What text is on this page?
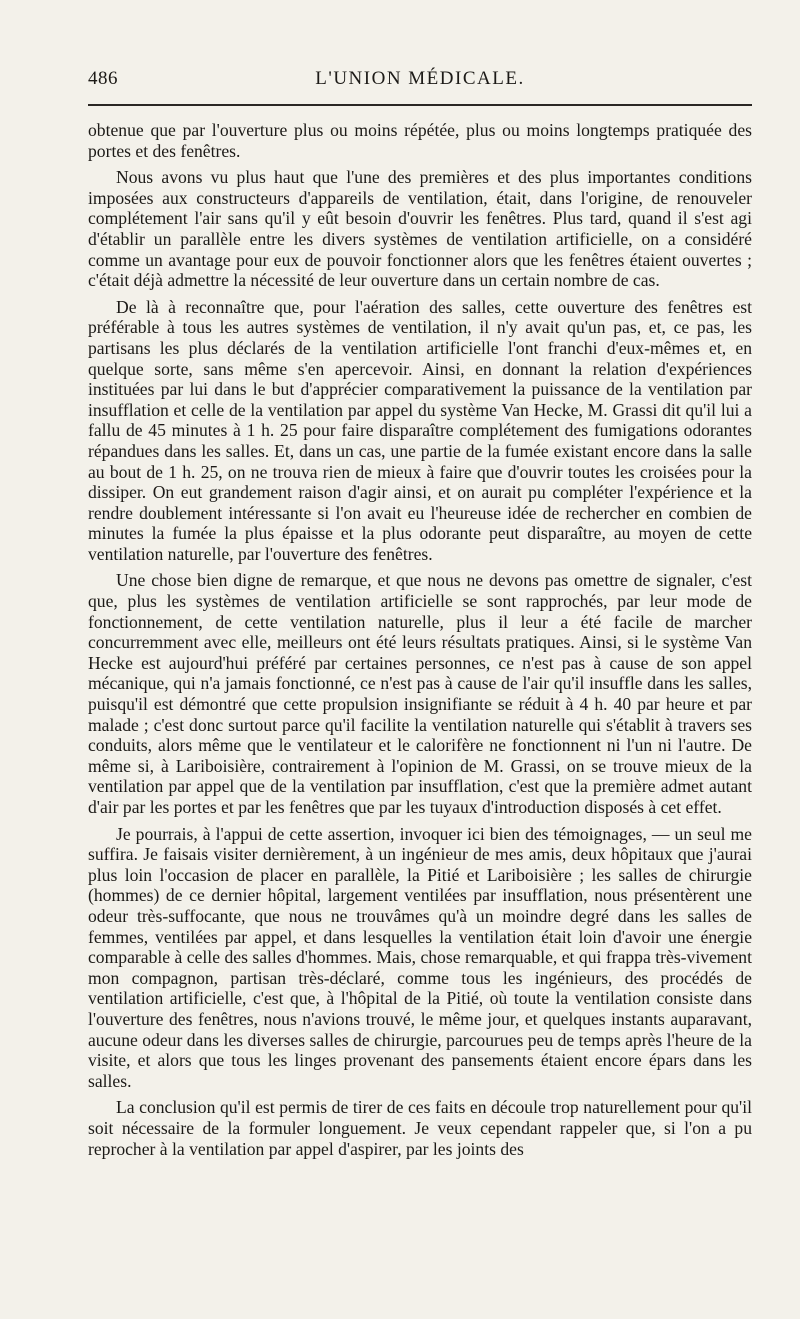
486	L'UNION MÉDICALE.

obtenue que par l'ouverture plus ou moins répétée, plus ou moins longtemps pratiquée des portes et des fenêtres.

Nous avons vu plus haut que l'une des premières et des plus importantes conditions imposées aux constructeurs d'appareils de ventilation, était, dans l'origine, de renouveler complétement l'air sans qu'il y eût besoin d'ouvrir les fenêtres. Plus tard, quand il s'est agi d'établir un parallèle entre les divers systèmes de ventilation artificielle, on a considéré comme un avantage pour eux de pouvoir fonctionner alors que les fenêtres étaient ouvertes ; c'était déjà admettre la nécessité de leur ouverture dans un certain nombre de cas.

De là à reconnaître que, pour l'aération des salles, cette ouverture des fenêtres est préférable à tous les autres systèmes de ventilation, il n'y avait qu'un pas, et, ce pas, les partisans les plus déclarés de la ventilation artificielle l'ont franchi d'eux-mêmes et, en quelque sorte, sans même s'en apercevoir. Ainsi, en donnant la relation d'expériences instituées par lui dans le but d'apprécier comparativement la puissance de la ventilation par insufflation et celle de la ventilation par appel du système Van Hecke, M. Grassi dit qu'il lui a fallu de 45 minutes à 1 h. 25 pour faire disparaître complétement des fumigations odorantes répandues dans les salles. Et, dans un cas, une partie de la fumée existant encore dans la salle au bout de 1 h. 25, on ne trouva rien de mieux à faire que d'ouvrir toutes les croisées pour la dissiper. On eut grandement raison d'agir ainsi, et on aurait pu compléter l'expérience et la rendre doublement intéressante si l'on avait eu l'heureuse idée de rechercher en combien de minutes la fumée la plus épaisse et la plus odorante peut disparaître, au moyen de cette ventilation naturelle, par l'ouverture des fenêtres.

Une chose bien digne de remarque, et que nous ne devons pas omettre de signaler, c'est que, plus les systèmes de ventilation artificielle se sont rapprochés, par leur mode de fonctionnement, de cette ventilation naturelle, plus il leur a été facile de marcher concurremment avec elle, meilleurs ont été leurs résultats pratiques. Ainsi, si le système Van Hecke est aujourd'hui préféré par certaines personnes, ce n'est pas à cause de son appel mécanique, qui n'a jamais fonctionné, ce n'est pas à cause de l'air qu'il insuffle dans les salles, puisqu'il est démontré que cette propulsion insignifiante se réduit à 4 h. 40 par heure et par malade ; c'est donc surtout parce qu'il facilite la ventilation naturelle qui s'établit à travers ses conduits, alors même que le ventilateur et le calorifère ne fonctionnent ni l'un ni l'autre. De même si, à Lariboisière, contrairement à l'opinion de M. Grassi, on se trouve mieux de la ventilation par appel que de la ventilation par insufflation, c'est que la première admet autant d'air par les portes et par les fenêtres que par les tuyaux d'introduction disposés à cet effet.

Je pourrais, à l'appui de cette assertion, invoquer ici bien des témoignages, — un seul me suffira. Je faisais visiter dernièrement, à un ingénieur de mes amis, deux hôpitaux que j'aurai plus loin l'occasion de placer en parallèle, la Pitié et Lariboisière ; les salles de chirurgie (hommes) de ce dernier hôpital, largement ventilées par insufflation, nous présentèrent une odeur très-suffocante, que nous ne trouvâmes qu'à un moindre degré dans les salles de femmes, ventilées par appel, et dans lesquelles la ventilation était loin d'avoir une énergie comparable à celle des salles d'hommes. Mais, chose remarquable, et qui frappa très-vivement mon compagnon, partisan très-déclaré, comme tous les ingénieurs, des procédés de ventilation artificielle, c'est que, à l'hôpital de la Pitié, où toute la ventilation consiste dans l'ouverture des fenêtres, nous n'avions trouvé, le même jour, et quelques instants auparavant, aucune odeur dans les diverses salles de chirurgie, parcourues peu de temps après l'heure de la visite, et alors que tous les linges provenant des pansements étaient encore épars dans les salles.

La conclusion qu'il est permis de tirer de ces faits en découle trop naturellement pour qu'il soit nécessaire de la formuler longuement. Je veux cependant rappeler que, si l'on a pu reprocher à la ventilation par appel d'aspirer, par les joints des
